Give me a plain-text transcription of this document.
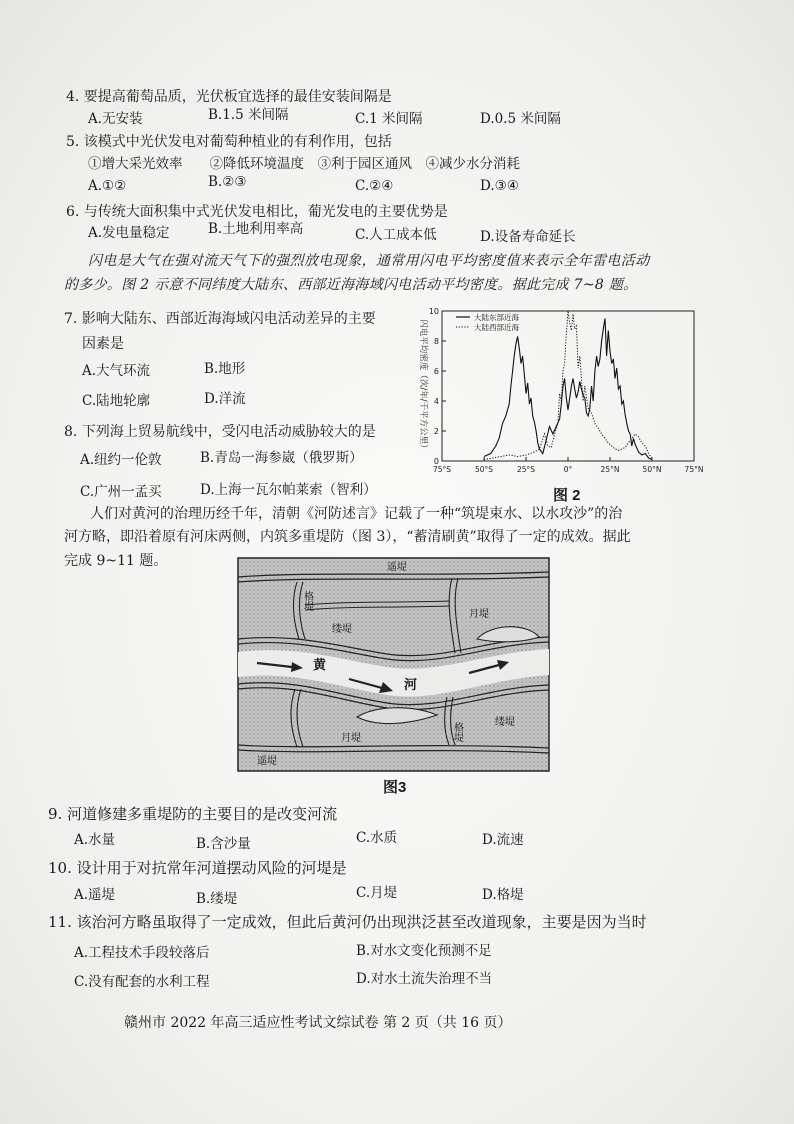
4. 要提高葡萄品质，光伏板宜选择的最佳安装间隔是
A.无安装	B.1.5 米间隔	C.1 米间隔	D.0.5 米间隔
5. 该模式中光伏发电对葡萄种植业的有利作用，包括
①增大采光效率　　②降低环境温度　③利于园区通风　④减少水分消耗
A.①②	B.②③	C.②④	D.③④
6. 与传统大面积集中式光伏发电相比，葡光发电的主要优势是
A.发电量稳定	B.土地利用率高	C.人工成本低	D.设备寿命延长
闪电是大气在强对流天气下的强烈放电现象，通常用闪电平均密度值来表示全年雷电活动
的多少。图 2 示意不同纬度大陆东、西部近海海域闪电活动平均密度。据此完成 7~8 题。
7. 影响大陆东、西部近海海域闪电活动差异的主要
因素是
A.大气环流	B.地形
C.陆地轮廓	D.洋流
8. 下列海上贸易航线中，受闪电活动威胁较大的是
A.纽约一伦敦	B.青岛一海参崴（俄罗斯）
C.广州一孟买	D.上海一瓦尔帕莱索（智利）
闪电平均密度（次/年/千平方公里）
0
2
4
6
8
10
75°S	50°S	25°S	0°	25°N	50°N	75°N
大陆东部近海
大陆西部近海
图 2
人们对黄河的治理历经千年，清朝《河防述言》记载了一种“筑堤束水、以水攻沙”的治
河方略，即沿着原有河床两侧，内筑多重堤防（图 3），“蓄清刷黄”取得了一定的成效。据此
完成 9~11 题。	遥堤
格堤
月堤
缕堤
黄
河
格堤	缕堤
月堤
遥堤
图3
9. 河道修建多重堤防的主要目的是改变河流
A.水量	B.含沙量	C.水质	D.流速
10. 设计用于对抗常年河道摆动风险的河堤是
A.遥堤	B.缕堤	C.月堤	D.格堤
11. 该治河方略虽取得了一定成效，但此后黄河仍出现洪泛甚至改道现象，主要是因为当时
A.工程技术手段较落后	B.对水文变化预测不足
C.没有配套的水利工程	D.对水土流失治理不当
赣州市 2022 年高三适应性考试文综试卷 第 2 页（共 16 页）
